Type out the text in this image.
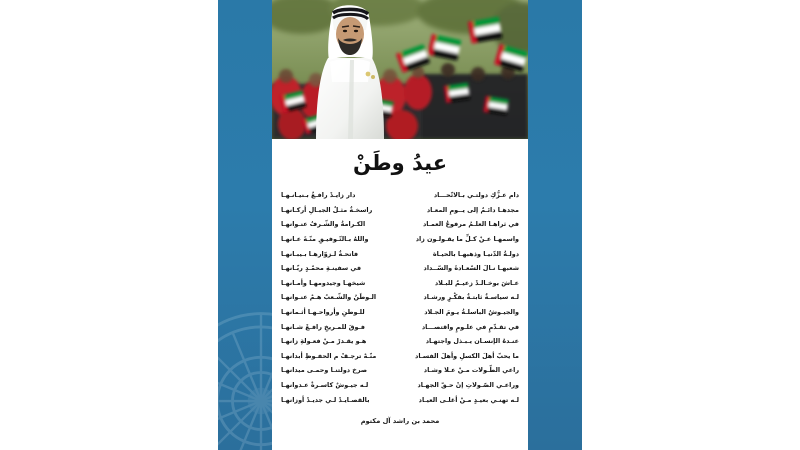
عيدُ وطَنْ
دام عـزُّكِ دولتـي بـالاتّحـــاد
مجدهـا دائـمٌ إلى يــومِ المعـاد
في ثراهـا العلـمُ مرفوعُ العمـاد
واسمهـا عـنْ كـلِّ ما يقـولـون زاد
دولـةُ الدّنيـا وذهبهـا بالحيـاة
شعبهـا نـالَ السّعـادةَ والسّــداد
عـاشَ بوخـالـدْ زعيـمٌ للبـلاد
لـه سياسـةٌ ثابتـةٌ بفكْـرٍ ورشـاد
والجيـوشُ الباسلـةُ يـومَ الجـلاد
في تقـدّمٍ في علـومٍ واقتصـــاد
عنـدهُ الإنسـان يـبـذل واجتهـاد
ما يحبّ أهلَ الكسلِ وأهلَ الفسـاد
راعي الطّـولات مـنْ عـلا وشـاد
وراعـي الصّـولاتِ إنْ حـقّ الجهـاد
لـه تهنـي بعيـدٍ مـنْ أغلـى العيـاد
دار زايـدْ رافـعٌ بـنيـانـهـا
راسخـةٌ مثـلُ الجبـالِ أركـانهـا
الكـرامةُ والشّـرفُ عنـوانهـا
واللهُ بـالتّـوفيـقِ منّـةَ عـانهـا
فاتحـةٌ لـزوّارهـا بـيبـانهـا
في سفينـةِ محمّـدٍ ربّـانهـا
شيخهـا وجيدومهـا وأمـانهـا
الـوطَنُ والشّـعبُ هـمْ عنـوانهـا
للـوطنِ وأرواحـهـا أثـمانهـا
فـوقَ للمـريخِ رافـعْ شـانهـا
هـو يقـدرْ مـنْ فعـولةِ زانهـا
منّـهْ ترجـفْ م الحفـوظِ أبدانهـا
صرخ دولتنـا وحمـى ميدانهـا
لـه جيـوشٌ كاسـرةْ عـدوانهـا
بالقصـايـدْ لـي جديـدْ أوزانهـا
محمد بن راشد آل مكتوم
